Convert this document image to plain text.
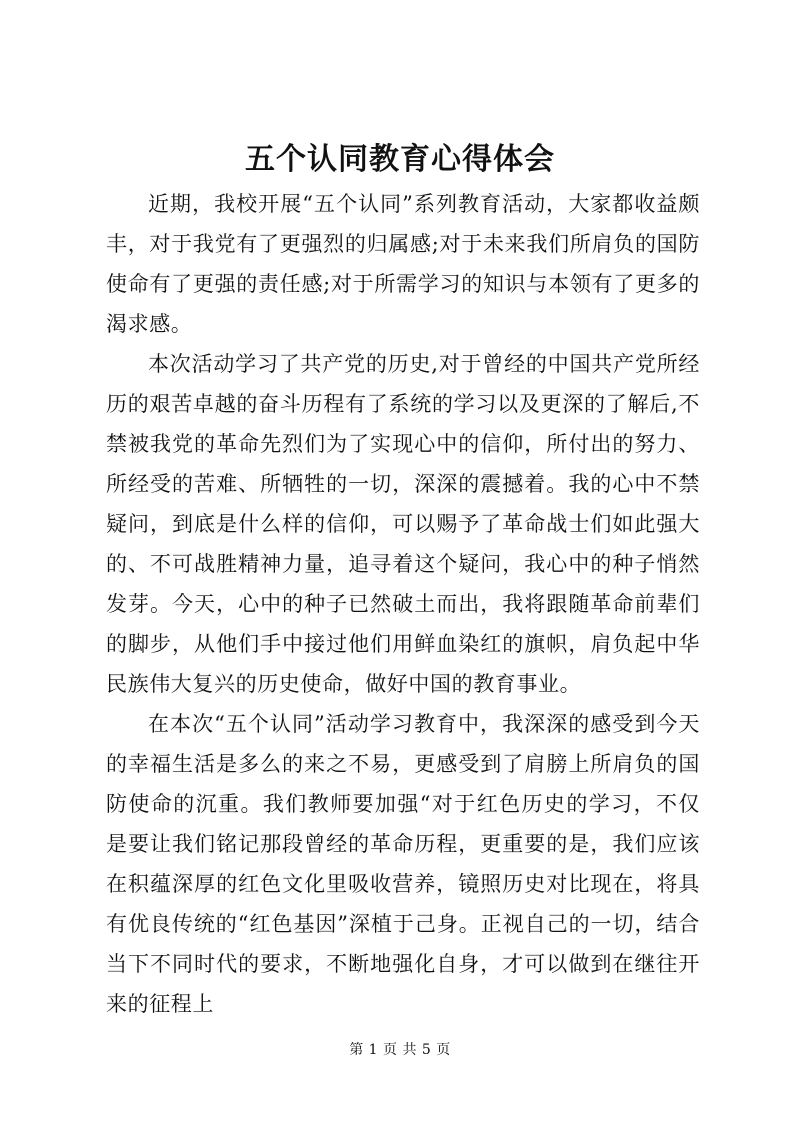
五个认同教育心得体会

近期，我校开展“五个认同”系列教育活动，大家都收益颇丰，对于我党有了更强烈的归属感;对于未来我们所肩负的国防使命有了更强的责任感;对于所需学习的知识与本领有了更多的渴求感。

本次活动学习了共产党的历史,对于曾经的中国共产党所经历的艰苦卓越的奋斗历程有了系统的学习以及更深的了解后,不禁被我党的革命先烈们为了实现心中的信仰，所付出的努力、所经受的苦难、所牺牲的一切，深深的震撼着。我的心中不禁疑问，到底是什么样的信仰，可以赐予了革命战士们如此强大的、不可战胜精神力量，追寻着这个疑问，我心中的种子悄然发芽。今天，心中的种子已然破土而出，我将跟随革命前辈们的脚步，从他们手中接过他们用鲜血染红的旗帜，肩负起中华民族伟大复兴的历史使命，做好中国的教育事业。

在本次“五个认同”活动学习教育中，我深深的感受到今天的幸福生活是多么的来之不易，更感受到了肩膀上所肩负的国防使命的沉重。我们教师要加强“对于红色历史的学习，不仅是要让我们铭记那段曾经的革命历程，更重要的是，我们应该在积蕴深厚的红色文化里吸收营养，镜照历史对比现在，将具有优良传统的“红色基因”深植于己身。正视自己的一切，结合当下不同时代的要求，不断地强化自身，才可以做到在继往开来的征程上

第 1 页 共 5 页
